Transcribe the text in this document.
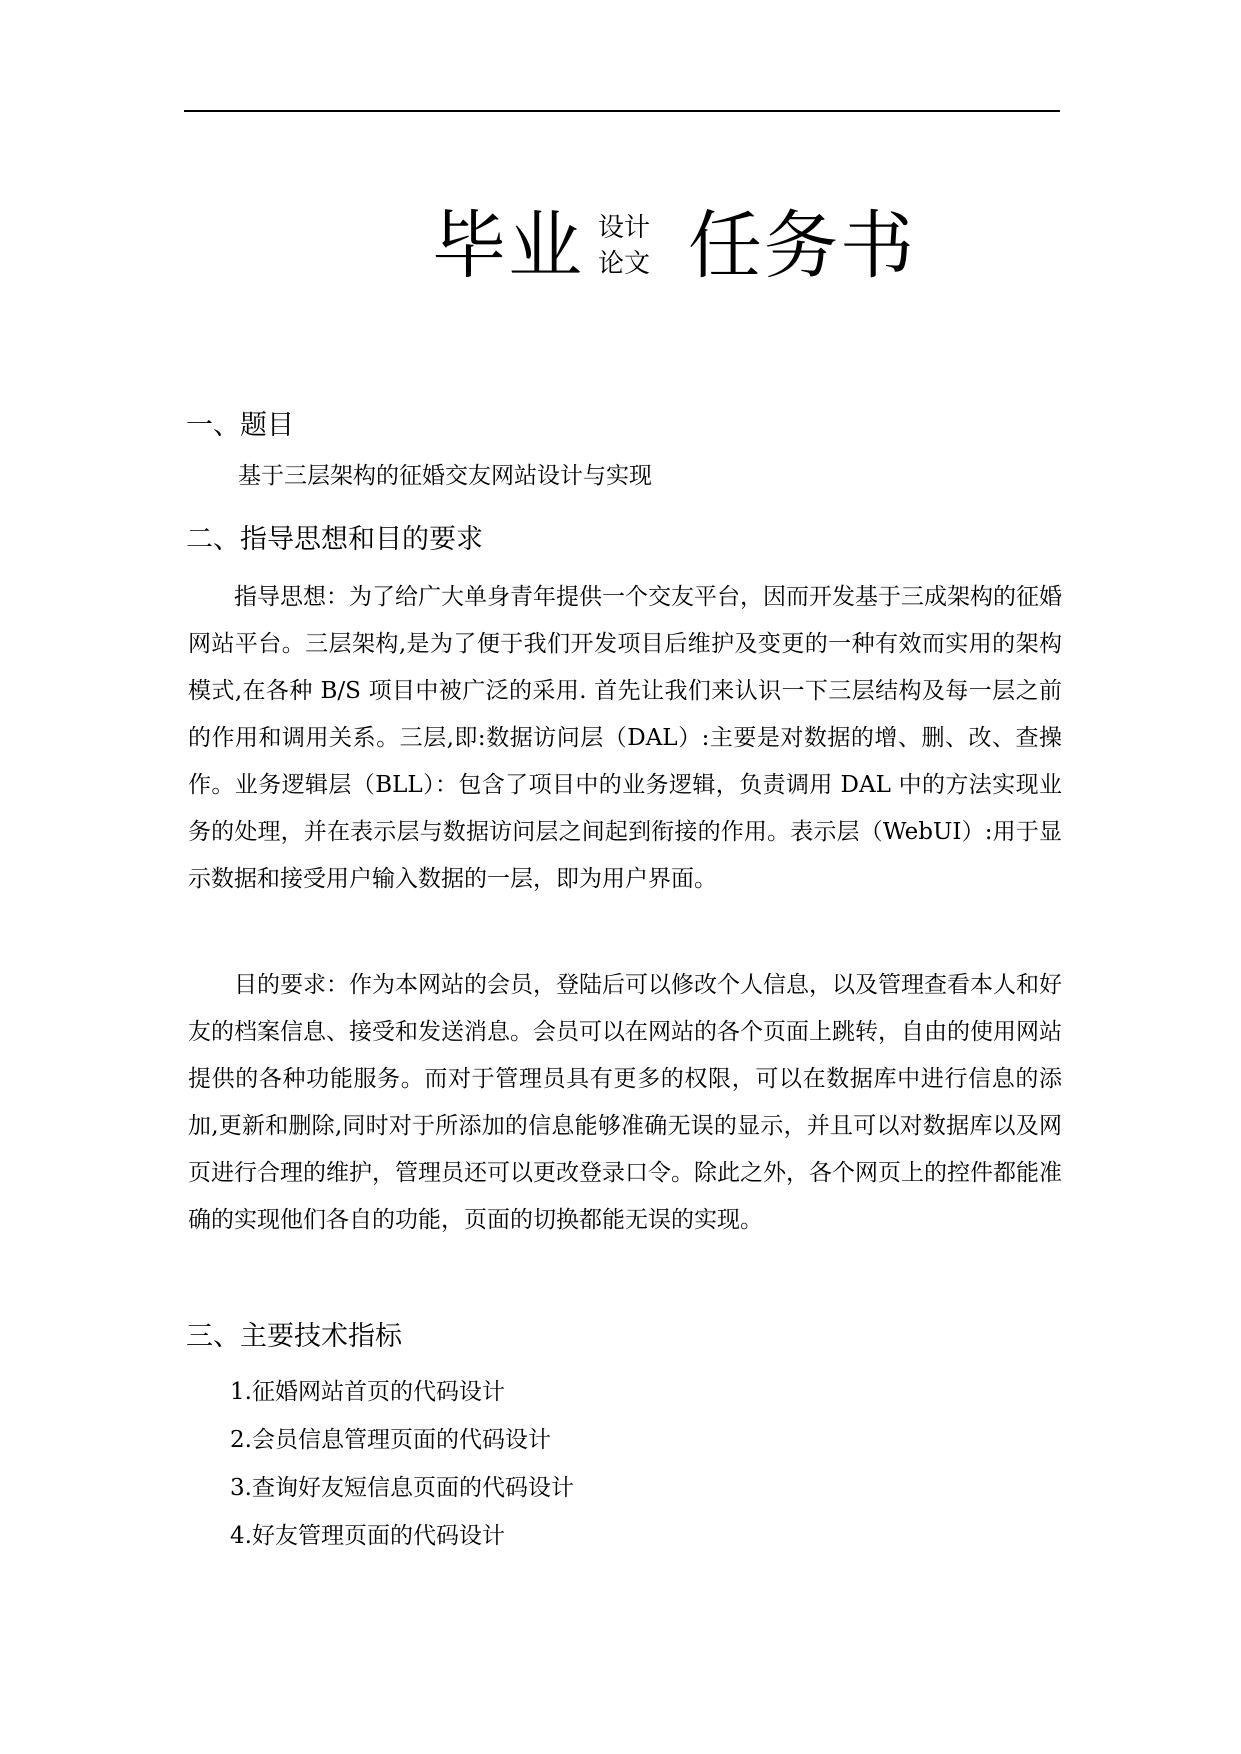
毕业 设计
论文 任务书
一、题目
基于三层架构的征婚交友网站设计与实现
二、指导思想和目的要求

指导思想：为了给广大单身青年提供一个交友平台，因而开发基于三成架构的征婚网站平台。三层架构,是为了便于我们开发项目后维护及变更的一种有效而实用的架构模式,在各种 B/S 项目中被广泛的采用. 首先让我们来认识一下三层结构及每一层之前的作用和调用关系。三层,即:数据访问层（DAL）:主要是对数据的增、删、改、查操作。业务逻辑层（BLL）：包含了项目中的业务逻辑，负责调用 DAL 中的方法实现业务的处理，并在表示层与数据访问层之间起到衔接的作用。表示层（WebUI）:用于显示数据和接受用户输入数据的一层，即为用户界面。

目的要求：作为本网站的会员，登陆后可以修改个人信息，以及管理查看本人和好友的档案信息、接受和发送消息。会员可以在网站的各个页面上跳转，自由的使用网站提供的各种功能服务。而对于管理员具有更多的权限，可以在数据库中进行信息的添加,更新和删除,同时对于所添加的信息能够准确无误的显示，并且可以对数据库以及网页进行合理的维护，管理员还可以更改登录口令。除此之外，各个网页上的控件都能准确的实现他们各自的功能，页面的切换都能无误的实现。

三、主要技术指标
1.征婚网站首页的代码设计
2.会员信息管理页面的代码设计
3.查询好友短信息页面的代码设计
4.好友管理页面的代码设计
